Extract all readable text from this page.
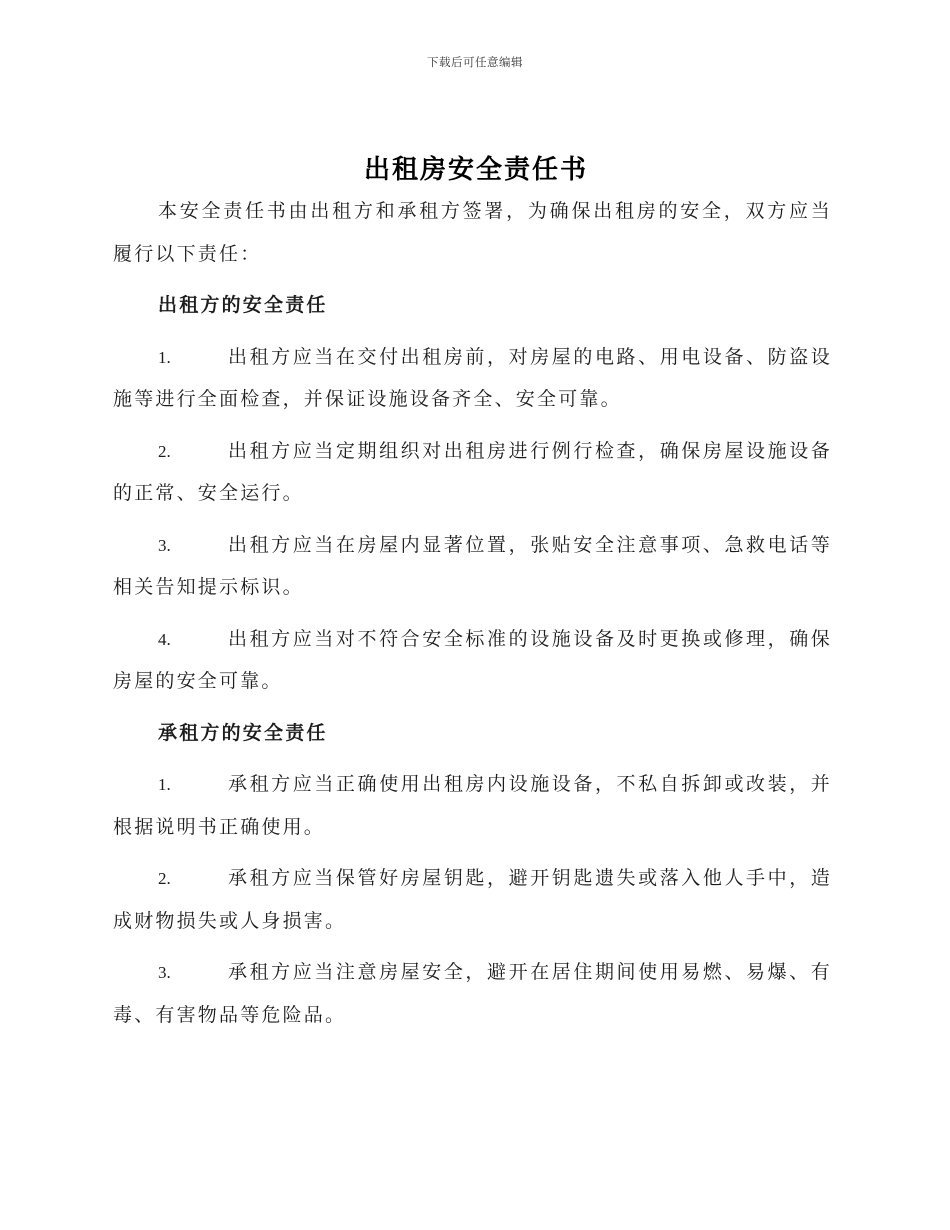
下载后可任意编辑
出租房安全责任书
本安全责任书由出租方和承租方签署，为确保出租房的安全，双方应当
履行以下责任：
出租方的安全责任
1.	出租方应当在交付出租房前，对房屋的电路、用电设备、防盗设
施等进行全面检查，并保证设施设备齐全、安全可靠。
2.	出租方应当定期组织对出租房进行例行检查，确保房屋设施设备
的正常、安全运行。
3.	出租方应当在房屋内显著位置，张贴安全注意事项、急救电话等
相关告知提示标识。
4.	出租方应当对不符合安全标准的设施设备及时更换或修理，确保
房屋的安全可靠。
承租方的安全责任
1.	承租方应当正确使用出租房内设施设备，不私自拆卸或改装，并
根据说明书正确使用。
2.	承租方应当保管好房屋钥匙，避开钥匙遗失或落入他人手中，造
成财物损失或人身损害。
3.	承租方应当注意房屋安全，避开在居住期间使用易燃、易爆、有
毒、有害物品等危险品。
